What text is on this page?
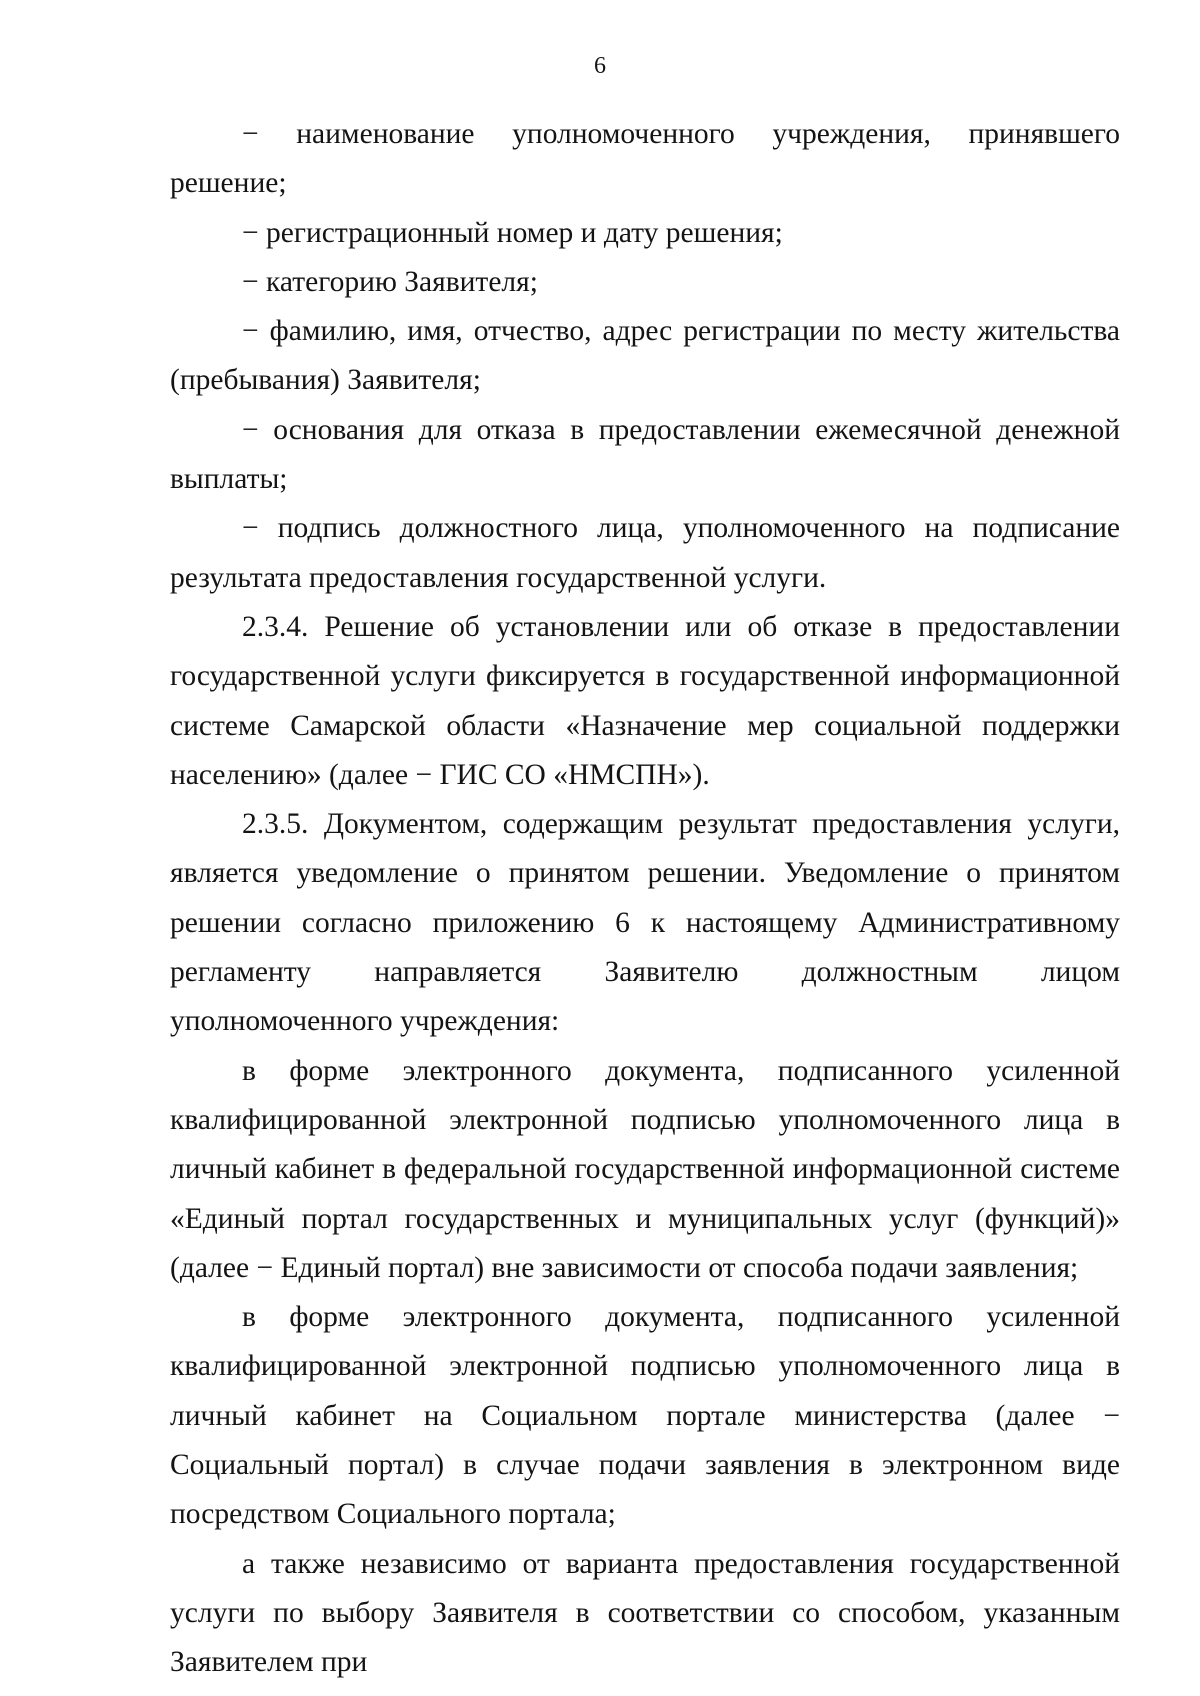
6

− наименование уполномоченного учреждения, принявшего решение;

− регистрационный номер и дату решения;

− категорию Заявителя;

− фамилию, имя, отчество, адрес регистрации по месту жительства (пребывания) Заявителя;

− основания для отказа в предоставлении ежемесячной денежной выплаты;

− подпись должностного лица, уполномоченного на подписание результата предоставления государственной услуги.

2.3.4. Решение об установлении или об отказе в предоставлении государственной услуги фиксируется в государственной информационной системе Самарской области «Назначение мер социальной поддержки населению» (далее − ГИС СО «НМСПН»).

2.3.5. Документом, содержащим результат предоставления услуги, является уведомление о принятом решении. Уведомление о принятом решении согласно приложению 6 к настоящему Административному регламенту направляется Заявителю должностным лицом уполномоченного учреждения:

в форме электронного документа, подписанного усиленной квалифицированной электронной подписью уполномоченного лица в личный кабинет в федеральной государственной информационной системе «Единый портал государственных и муниципальных услуг (функций)» (далее − Единый портал) вне зависимости от способа подачи заявления;

в форме электронного документа, подписанного усиленной квалифицированной электронной подписью уполномоченного лица в личный кабинет на Социальном портале министерства (далее − Социальный портал) в случае подачи заявления в электронном виде посредством Социального портала;

а также независимо от варианта предоставления государственной услуги по выбору Заявителя в соответствии со способом, указанным Заявителем при
